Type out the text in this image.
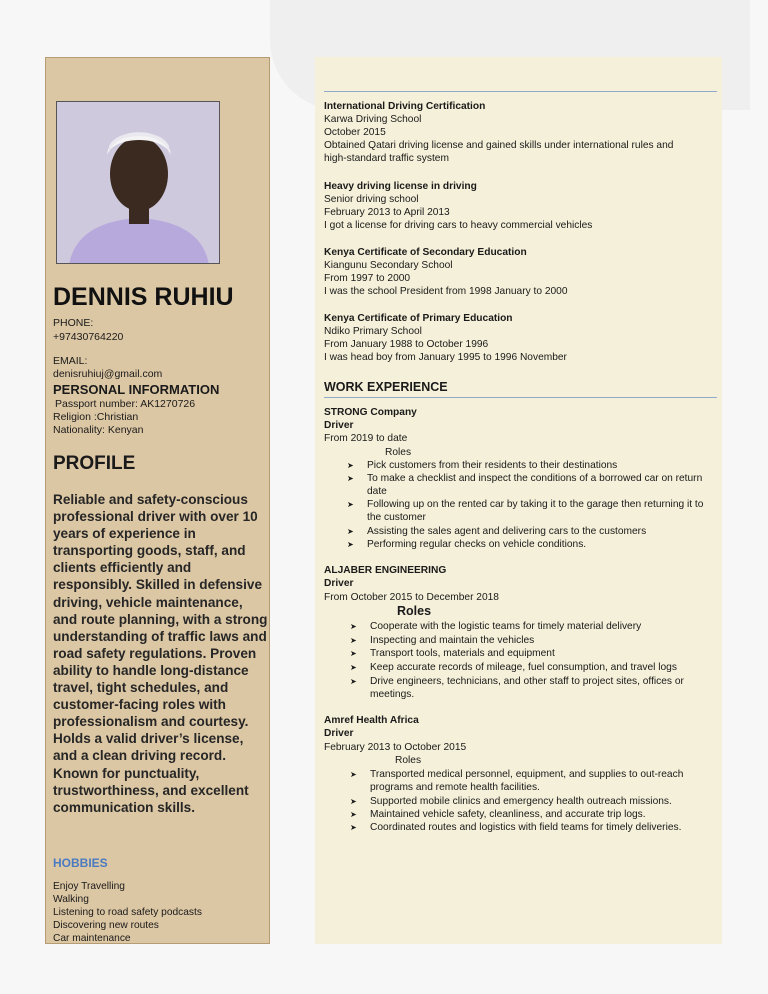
DENNIS RUHIU
PHONE:
+97430764220
EMAIL:
denisruhiuj@gmail.com
PERSONAL INFORMATION
Passport number: AK1270726
Religion :Christian
Nationality: Kenyan
PROFILE
Reliable and safety-conscious professional driver with over 10 years of experience in transporting goods, staff, and clients efficiently and responsibly. Skilled in defensive driving, vehicle maintenance, and route planning, with a strong understanding of traffic laws and road safety regulations. Proven ability to handle long-distance travel, tight schedules, and customer-facing roles with professionalism and courtesy. Holds a valid driver’s license, and a clean driving record. Known for punctuality, trustworthiness, and excellent communication skills.
HOBBIES
Enjoy Travelling
Walking
Listening to road safety podcasts
Discovering new routes
Car maintenance
International Driving Certification
Karwa Driving School
October 2015
Obtained Qatari driving license and gained skills under international rules and
high-standard traffic system
Heavy driving license in driving
Senior driving school
February 2013 to April 2013
I got a license for driving cars to heavy commercial vehicles
Kenya Certificate of Secondary Education
Kiangunu Secondary School
From 1997 to 2000
I was the school President from 1998 January to 2000
Kenya Certificate of Primary Education
Ndiko Primary School
From January 1988 to October 1996
I was head boy from January 1995 to 1996 November
WORK EXPERIENCE
STRONG Company
Driver
From 2019 to date
Roles
➤ Pick customers from their residents to their destinations
➤ To make a checklist and inspect the conditions of a borrowed car on return date
➤ Following up on the rented car by taking it to the garage then returning it to the customer
➤ Assisting the sales agent and delivering cars to the customers
➤ Performing regular checks on vehicle conditions.
ALJABER ENGINEERING
Driver
From October 2015 to December 2018
Roles
➤ Cooperate with the logistic teams for timely material delivery
➤ Inspecting and maintain the vehicles
➤ Transport tools, materials and equipment
➤ Keep accurate records of mileage, fuel consumption, and travel logs
➤ Drive engineers, technicians, and other staff to project sites, offices or meetings.
Amref Health Africa
Driver
February 2013 to October 2015
Roles
➤ Transported medical personnel, equipment, and supplies to out-reach programs and remote health facilities.
➤ Supported mobile clinics and emergency health outreach missions.
➤ Maintained vehicle safety, cleanliness, and accurate trip logs.
➤ Coordinated routes and logistics with field teams for timely deliveries.
